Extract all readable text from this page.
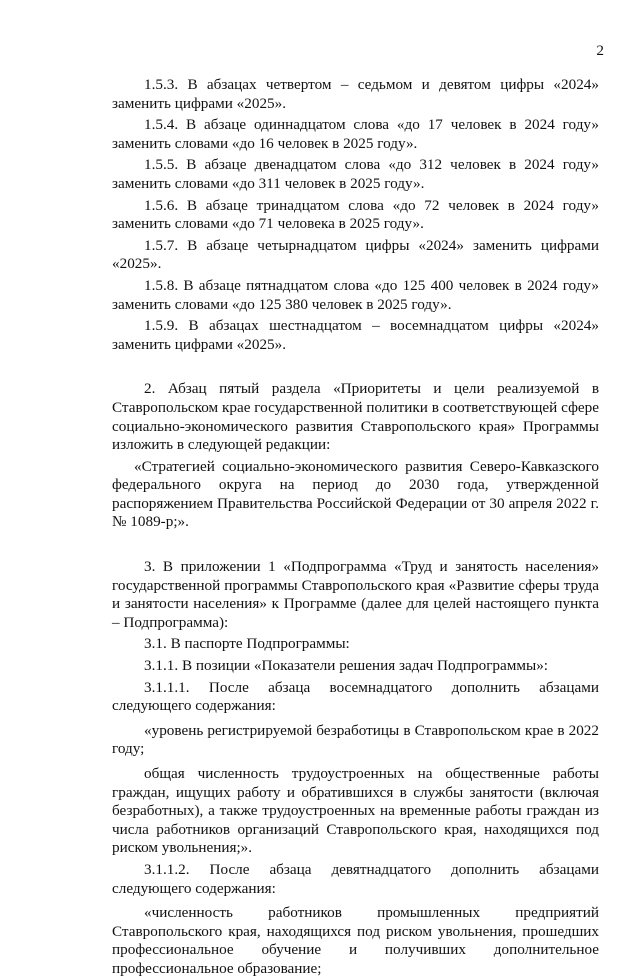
2

1.5.3. В абзацах четвертом – седьмом и девятом цифры «2024» заменить цифрами «2025».

1.5.4. В абзаце одиннадцатом слова «до 17 человек в 2024 году» заменить словами «до 16 человек в 2025 году».

1.5.5. В абзаце двенадцатом слова «до 312 человек в 2024 году» заменить словами «до 311 человек в 2025 году».

1.5.6. В абзаце тринадцатом слова «до 72 человек в 2024 году» заменить словами «до 71 человека в 2025 году».

1.5.7. В абзаце четырнадцатом цифры «2024» заменить цифрами «2025».

1.5.8. В абзаце пятнадцатом слова «до 125 400 человек в 2024 году» заменить словами «до 125 380 человек в 2025 году».

1.5.9. В абзацах шестнадцатом – восемнадцатом цифры «2024» заменить цифрами «2025».

2. Абзац пятый раздела «Приоритеты и цели реализуемой в Ставропольском крае государственной политики в соответствующей сфере социально-экономического развития Ставропольского края» Программы изложить в следующей редакции:

«Стратегией социально-экономического развития Северо-Кавказского федерального округа на период до 2030 года, утвержденной распоряжением Правительства Российской Федерации от 30 апреля 2022 г. № 1089-р;».

3. В приложении 1 «Подпрограмма «Труд и занятость населения» государственной программы Ставропольского края «Развитие сферы труда и занятости населения» к Программе (далее для целей настоящего пункта – Подпрограмма):

3.1. В паспорте Подпрограммы:

3.1.1. В позиции «Показатели решения задач Подпрограммы»:

3.1.1.1. После абзаца восемнадцатого дополнить абзацами следующего содержания:

«уровень регистрируемой безработицы в Ставропольском крае в 2022 году;

общая численность трудоустроенных на общественные работы граждан, ищущих работу и обратившихся в службы занятости (включая безработных), а также трудоустроенных на временные работы граждан из числа работников организаций Ставропольского края, находящихся под риском увольнения;».

3.1.1.2. После абзаца девятнадцатого дополнить абзацами следующего содержания:

«численность работников промышленных предприятий Ставропольского края, находящихся под риском увольнения, прошедших профессиональное обучение и получивших дополнительное профессиональное образование;
